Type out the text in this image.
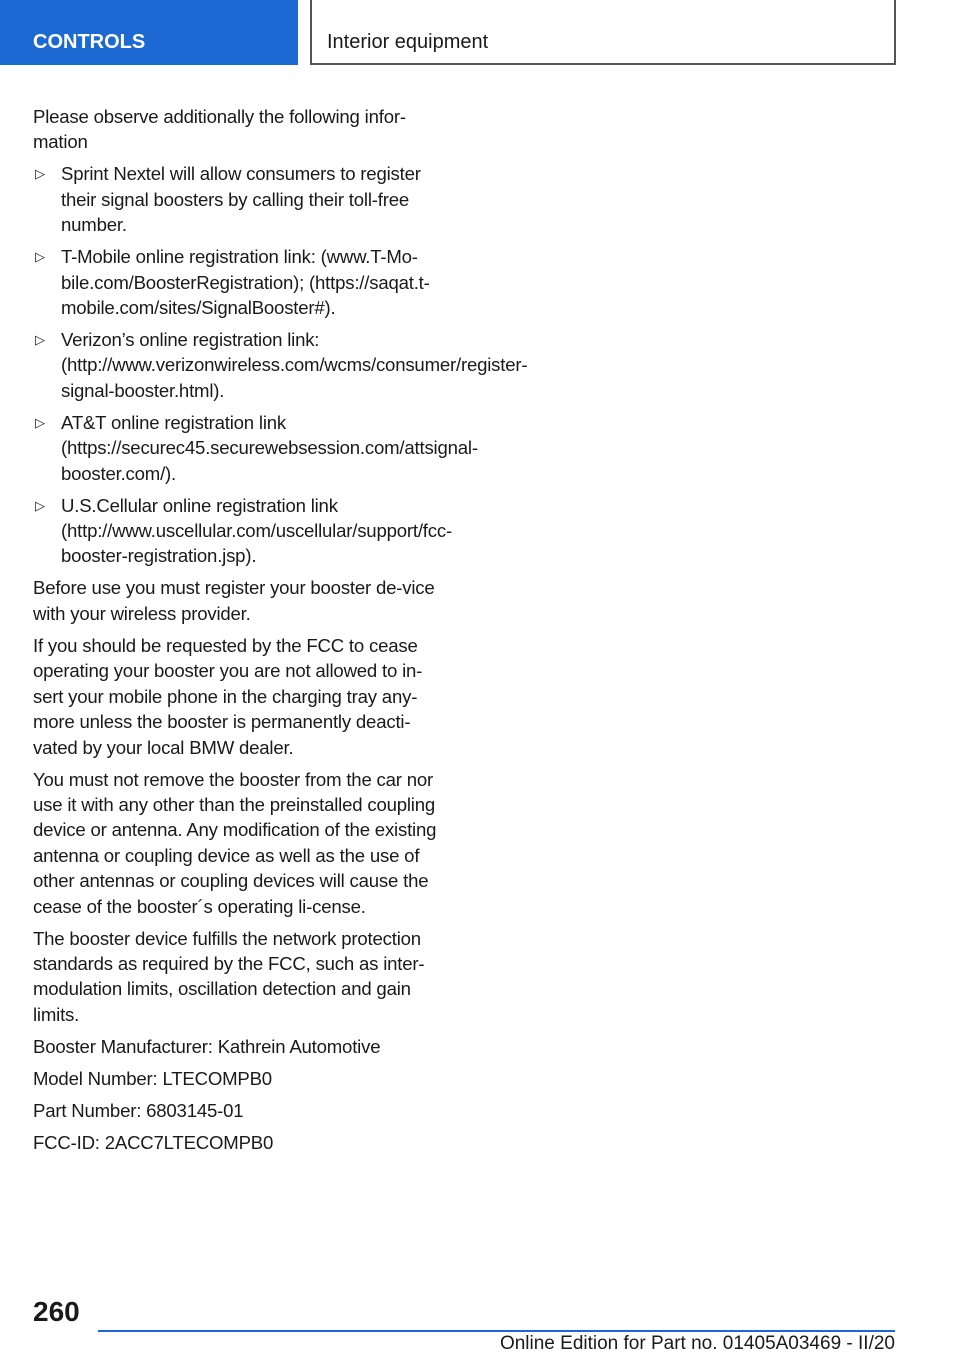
CONTROLS	Interior equipment

Please observe additionally the following infor-mation

▷ Sprint Nextel will allow consumers to register their signal boosters by calling their toll-free number.
▷ T-Mobile online registration link: (www.T-Mo-bile.com/BoosterRegistration); (https://saqat.t-mobile.com/sites/SignalBooster#).
▷ Verizon’s online registration link: (http://www.verizonwireless.com/wcms/consumer/register-signal-booster.html).
▷ AT&T online registration link (https://securec45.securewebsession.com/attsignal-booster.com/).
▷ U.S.Cellular online registration link (http://www.uscellular.com/uscellular/support/fcc-booster-registration.jsp).

Before use you must register your booster de-vice with your wireless provider.

If you should be requested by the FCC to cease operating your booster you are not allowed to in-sert your mobile phone in the charging tray any-more unless the booster is permanently deacti-vated by your local BMW dealer.

You must not remove the booster from the car nor use it with any other than the preinstalled coupling device or antenna. Any modification of the existing antenna or coupling device as well as the use of other antennas or coupling devices will cause the cease of the booster´s operating li-cense.

The booster device fulfills the network protection standards as required by the FCC, such as inter-modulation limits, oscillation detection and gain limits.

Booster Manufacturer: Kathrein Automotive

Model Number: LTECOMPB0

Part Number: 6803145-01

FCC-ID: 2ACC7LTECOMPB0

260
Online Edition for Part no. 01405A03469 - II/20
